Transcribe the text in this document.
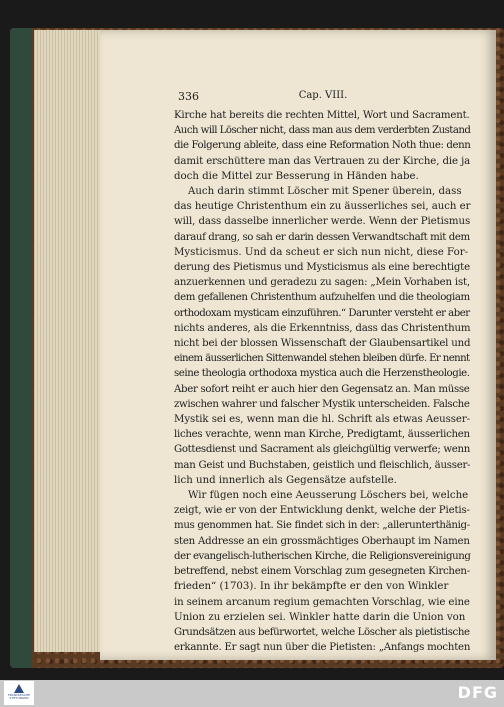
336	Cap. VIII.
Kirche hat bereits die rechten Mittel, Wort und Sacrament.
Auch will Löscher nicht, dass man aus dem verderbten Zustand
die Folgerung ableite, dass eine Reformation Noth thue: denn
damit erschüttere man das Vertrauen zu der Kirche, die ja
doch die Mittel zur Besserung in Händen habe.
Auch darin stimmt Löscher mit Spener überein, dass
das heutige Christenthum ein zu äusserliches sei, auch er
will, dass dasselbe innerlicher werde. Wenn der Pietismus
darauf drang, so sah er darin dessen Verwandtschaft mit dem
Mysticismus. Und da scheut er sich nun nicht, diese For-
derung des Pietismus und Mysticismus als eine berechtigte
anzuerkennen und geradezu zu sagen: „Mein Vorhaben ist,
dem gefallenen Christenthum aufzuhelfen und die theologiam
orthodoxam mysticam einzuführen.“ Darunter versteht er aber
nichts anderes, als die Erkenntniss, dass das Christenthum
nicht bei der blossen Wissenschaft der Glaubensartikel und
einem äusserlichen Sittenwandel stehen bleiben dürfe. Er nennt
seine theologia orthodoxa mystica auch die Herzenstheologie.
Aber sofort reiht er auch hier den Gegensatz an. Man müsse
zwischen wahrer und falscher Mystik unterscheiden. Falsche
Mystik sei es, wenn man die hl. Schrift als etwas Aeusser-
liches verachte, wenn man Kirche, Predigtamt, äusserlichen
Gottesdienst und Sacrament als gleichgültig verwerfe; wenn
man Geist und Buchstaben, geistlich und fleischlich, äusser-
lich und innerlich als Gegensätze aufstelle.
Wir fügen noch eine Aeusserung Löschers bei, welche
zeigt, wie er von der Entwicklung denkt, welche der Pietis-
mus genommen hat. Sie findet sich in der: „allerunterthänig-
sten Addresse an ein grossmächtiges Oberhaupt im Namen
der evangelisch-lutherischen Kirche, die Religionsvereinigung
betreffend, nebst einem Vorschlag zum gesegneten Kirchen-
frieden“ (1703). In ihr bekämpfte er den von Winkler
in seinem arcanum regium gemachten Vorschlag, wie eine
Union zu erzielen sei. Winkler hatte darin die Union von
Grundsätzen aus befürwortet, welche Löscher als pietistische
erkannte. Er sagt nun über die Pietisten: „Anfangs mochten
FRANCKESCHE STIFTUNGEN	DFG
